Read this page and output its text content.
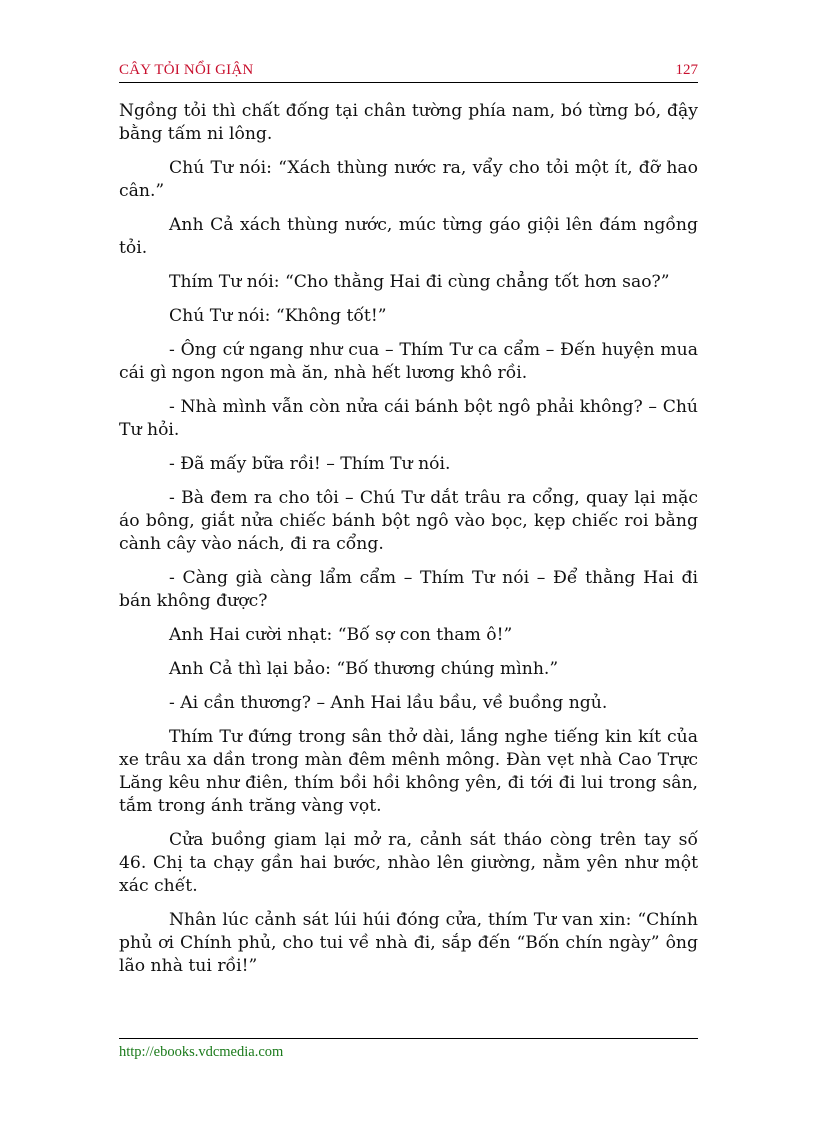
CÂY TỎI NỔI GIẬN	127

Ngồng tỏi thì chất đống tại chân tường phía nam, bó từng bó, đậy bằng tấm ni lông.

Chú Tư nói: “Xách thùng nước ra, vẩy cho tỏi một ít, đỡ hao cân.”

Anh Cả xách thùng nước, múc từng gáo giội lên đám ngồng tỏi.

Thím Tư nói: “Cho thằng Hai đi cùng chẳng tốt hơn sao?”

Chú Tư nói: “Không tốt!”

- Ông cứ ngang như cua – Thím Tư ca cẩm – Đến huyện mua cái gì ngon ngon mà ăn, nhà hết lương khô rồi.

- Nhà mình vẫn còn nửa cái bánh bột ngô phải không? – Chú Tư hỏi.

- Đã mấy bữa rồi! – Thím Tư nói.

- Bà đem ra cho tôi – Chú Tư dắt trâu ra cổng, quay lại mặc áo bông, giắt nửa chiếc bánh bột ngô vào bọc, kẹp chiếc roi bằng cành cây vào nách, đi ra cổng.

- Càng già càng lẩm cẩm – Thím Tư nói – Để thằng Hai đi bán không được?

Anh Hai cười nhạt: “Bố sợ con tham ô!”

Anh Cả thì lại bảo: “Bố thương chúng mình.”

- Ai cần thương? – Anh Hai lầu bầu, về buồng ngủ.

Thím Tư đứng trong sân thở dài, lắng nghe tiếng kin kít của xe trâu xa dần trong màn đêm mênh mông. Đàn vẹt nhà Cao Trực Lăng kêu như điên, thím bồi hồi không yên, đi tới đi lui trong sân, tắm trong ánh trăng vàng vọt.

Cửa buồng giam lại mở ra, cảnh sát tháo còng trên tay số 46. Chị ta chạy gần hai bước, nhào lên giường, nằm yên như một xác chết.

Nhân lúc cảnh sát lúi húi đóng cửa, thím Tư van xin: “Chính phủ ơi Chính phủ, cho tui về nhà đi, sắp đến “Bốn chín ngày” ông lão nhà tui rồi!”

http://ebooks.vdcmedia.com
